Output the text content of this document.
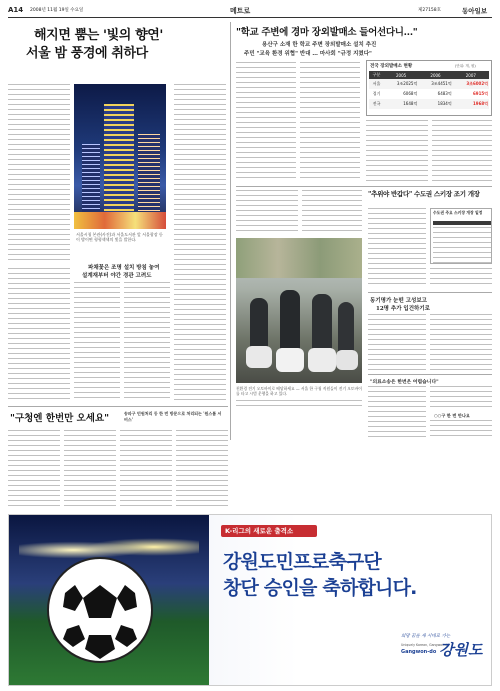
A14 2008년 11월 19일 수요일	메트로	제27158호	동아일보
해지면 뿜는 '빛의 향연'
서울 밤 풍경에 취하다
서울시청 본관(사진)과 서울도서관 앞 서울광장 등이 밤이면 형형색색의 빛을 발한다.
파채꽃은 조명 설치 방침 놓여
설계재부터 야간 경관 고려도
"구청엔 한번만 오세요"	송파구 민원처리 등 한 번 방문으로 처리되는 '원스톱 서비스'
"학교 주변에 경마 장외발매소 들어선다니…"
용산구 소재 한 학교 주변 장외발매소 설치 추진
주민 "교육 환경 위협" 반대 … 마사회 "규정 지켰다"
전국 장외발매소 현황	(단위: 개, 원)
구분	2005	2006	2007
서울	3조2025억	3조4451억	3조6002억
경기	6068억	6483억	6915억
전국	1648억	1834억	1968억
친환경 전기 오토바이로 배달하세요 — 서울 한 구청 직원들이 전기 오토바이를 타고 시범 운행을 하고 있다.
"추위야 반갑다" 수도권 스키장 조기 개장
수도권 주요 스키장 개장 일정
동기명가 눈떤 고성보고
12명 추가 입건하기로
"의료소송은 한번은 어렵습니다"
○○구 한 번 만나요
K-리그의 새로운 출격소
강원도민프로축구단
창단 승인을 축하합니다.
희망 꿈을 새 시대로 가는
Uniquely Korean, Gangwon-do
Gangwon-do 강원도
